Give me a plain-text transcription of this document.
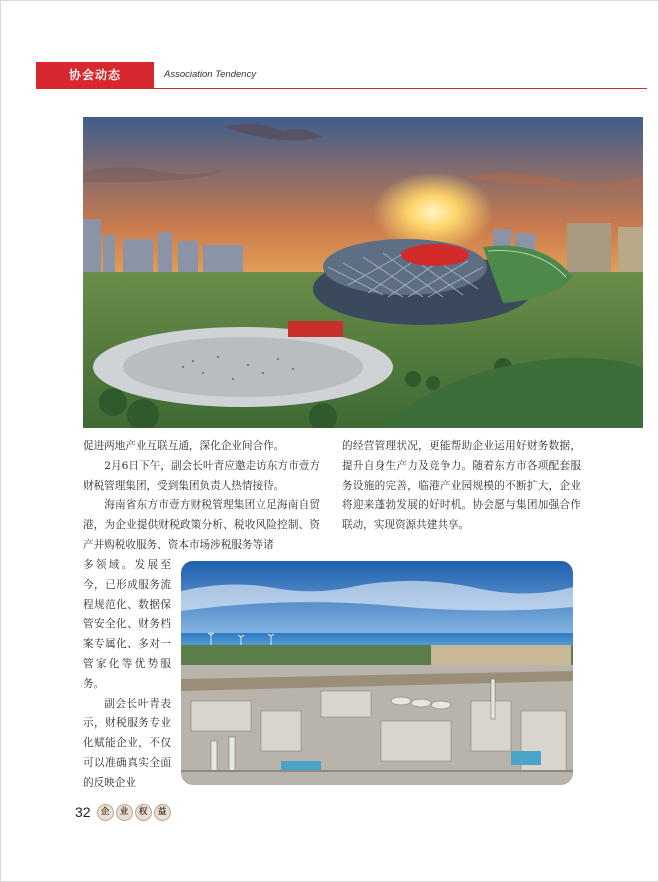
协会动态	Association Tendency

促进两地产业互联互通，深化企业间合作。

2月6日下午，副会长叶青应邀走访东方市壹方财税管理集团，受到集团负责人热情接待。

海南省东方市壹方财税管理集团立足海南自贸港，为企业提供财税政策分析、税收风险控制、资产并购税收服务、资本市场涉税服务等诸

的经营管理状况，更能帮助企业运用好财务数据，提升自身生产力及竞争力。随着东方市各项配套服务设施的完善，临港产业园规模的不断扩大，企业将迎来蓬勃发展的好时机。协会愿与集团加强合作联动，实现资源共建共享。

多领域。发展至今，已形成服务流程规范化、数据保管安全化、财务档案专属化、多对一管家化等优势服务。

副会长叶青表示，财税服务专业化赋能企业，不仅可以准确真实全面的反映企业

32	企	业	权	益
